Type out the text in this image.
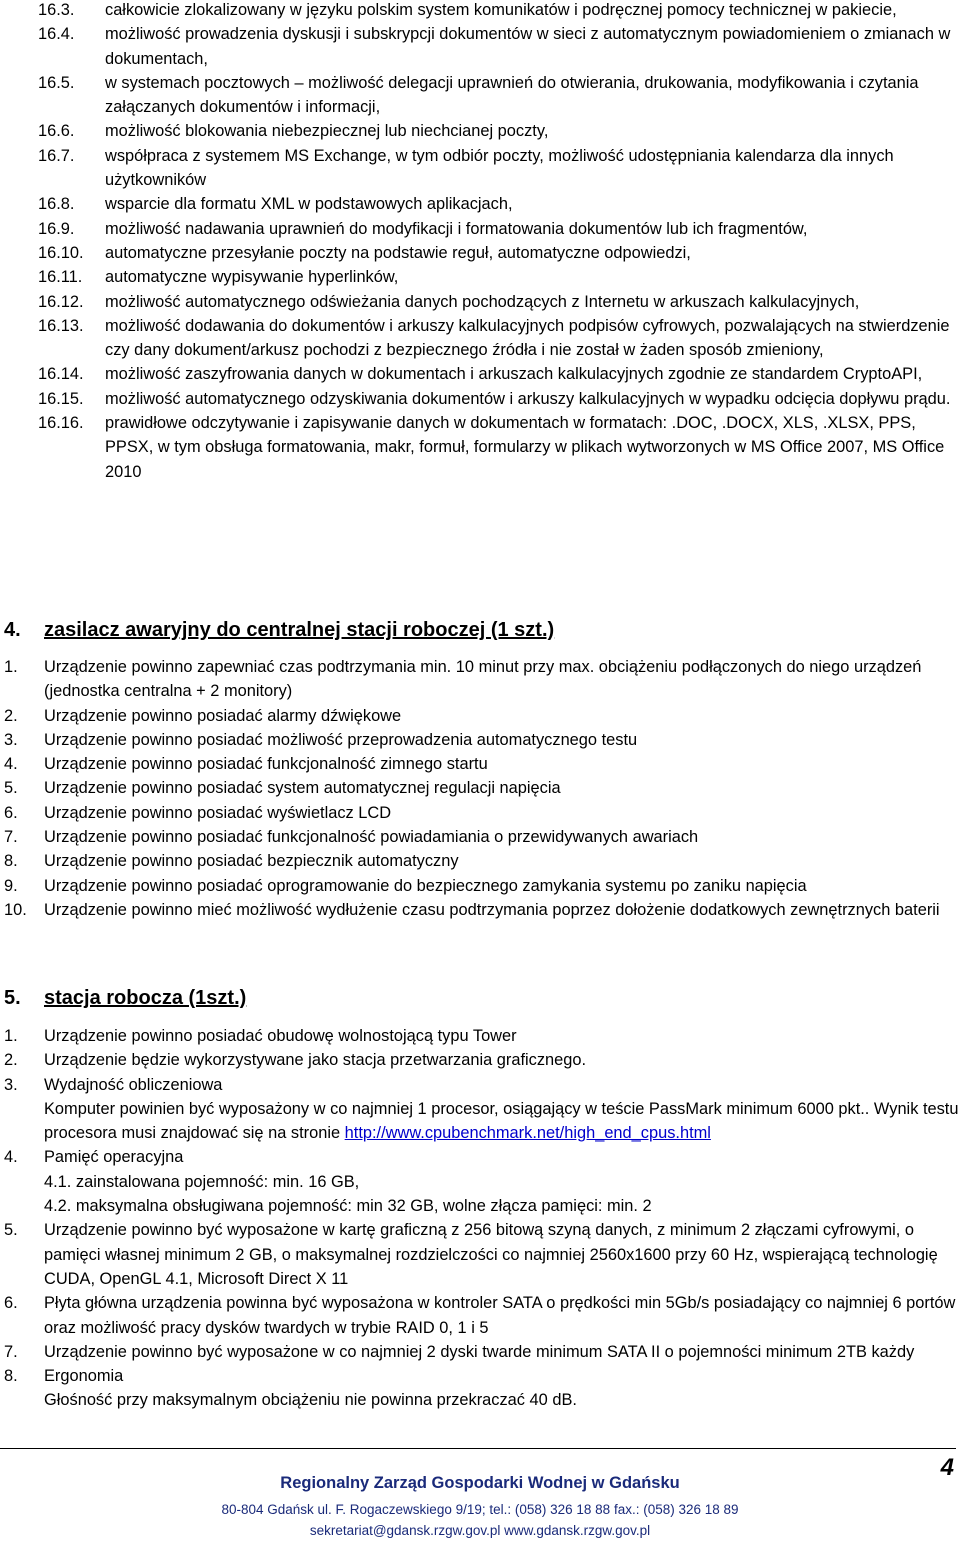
16.3.	całkowicie zlokalizowany w języku polskim system komunikatów i podręcznej pomocy technicznej w pakiecie,
16.4.	możliwość prowadzenia dyskusji i subskrypcji dokumentów w sieci z automatycznym powiadomieniem o zmianach w dokumentach,
16.5.	w systemach pocztowych – możliwość delegacji uprawnień do otwierania, drukowania, modyfikowania i czytania załączanych dokumentów i informacji,
16.6.	możliwość blokowania niebezpiecznej lub niechcianej poczty,
16.7.	współpraca z systemem MS Exchange, w tym odbiór poczty, możliwość udostępniania kalendarza dla innych użytkowników
16.8.	wsparcie dla formatu XML w podstawowych aplikacjach,
16.9.	możliwość nadawania uprawnień do modyfikacji i formatowania dokumentów lub ich fragmentów,
16.10.	automatyczne przesyłanie poczty na podstawie reguł, automatyczne odpowiedzi,
16.11.	automatyczne wypisywanie hyperlinków,
16.12.	możliwość automatycznego odświeżania danych pochodzących z Internetu w arkuszach kalkulacyjnych,
16.13.	możliwość dodawania do dokumentów i arkuszy kalkulacyjnych podpisów cyfrowych, pozwalających na stwierdzenie czy dany dokument/arkusz pochodzi z bezpiecznego źródła i nie został w żaden sposób zmieniony,
16.14.	możliwość zaszyfrowania danych w dokumentach i arkuszach kalkulacyjnych zgodnie ze standardem CryptoAPI,
16.15.	możliwość automatycznego odzyskiwania dokumentów i arkuszy kalkulacyjnych w wypadku odcięcia dopływu prądu.
16.16.	prawidłowe odczytywanie i zapisywanie danych w dokumentach w formatach: .DOC, .DOCX, XLS, .XLSX, PPS, PPSX, w tym obsługa formatowania, makr, formuł, formularzy w plikach wytworzonych w MS Office 2007, MS Office 2010
4.	zasilacz awaryjny do centralnej stacji roboczej (1 szt.)
1.	Urządzenie powinno zapewniać czas podtrzymania min. 10 minut przy max. obciążeniu podłączonych do niego urządzeń (jednostka centralna + 2 monitory)
2.	Urządzenie powinno posiadać alarmy dźwiękowe
3.	Urządzenie powinno posiadać możliwość przeprowadzenia automatycznego testu
4.	Urządzenie powinno posiadać funkcjonalność zimnego startu
5.	Urządzenie powinno posiadać system automatycznej regulacji napięcia
6.	Urządzenie powinno posiadać wyświetlacz LCD
7.	Urządzenie powinno posiadać funkcjonalność powiadamiania o przewidywanych awariach
8.	Urządzenie powinno posiadać bezpiecznik automatyczny
9.	Urządzenie powinno posiadać oprogramowanie do bezpiecznego zamykania systemu po zaniku napięcia
10.	Urządzenie powinno mieć możliwość wydłużenie czasu podtrzymania poprzez dołożenie dodatkowych zewnętrznych baterii
5.	stacja robocza (1szt.)
1.	Urządzenie powinno posiadać obudowę wolnostojącą typu Tower
2.	Urządzenie będzie wykorzystywane jako stacja przetwarzania graficznego.
3.	Wydajność obliczeniowa
Komputer powinien być wyposażony w co najmniej 1 procesor, osiągający w teście PassMark minimum 6000 pkt.. Wynik testu procesora musi znajdować się na stronie http://www.cpubenchmark.net/high_end_cpus.html
4.	Pamięć operacyjna
4.1. zainstalowana pojemność: min. 16 GB,
4.2. maksymalna obsługiwana pojemność: min 32 GB, wolne złącza pamięci: min. 2
5.	Urządzenie powinno być wyposażone w kartę graficzną z 256 bitową szyną danych, z minimum 2 złączami cyfrowymi, o pamięci własnej minimum 2 GB, o maksymalnej rozdzielczości co najmniej 2560x1600 przy 60 Hz, wspierającą technologię CUDA, OpenGL 4.1, Microsoft Direct X 11
6.	Płyta główna urządzenia powinna być wyposażona w kontroler SATA o prędkości min 5Gb/s posiadający co najmniej 6 portów oraz możliwość pracy dysków twardych w trybie RAID 0, 1 i 5
7.	Urządzenie powinno być wyposażone w co najmniej 2 dyski twarde minimum SATA II o pojemności minimum 2TB każdy
8.	Ergonomia
Głośność przy maksymalnym obciążeniu nie powinna przekraczać 40 dB.
4
Regionalny Zarząd Gospodarki Wodnej w Gdańsku
80-804 Gdańsk ul. F. Rogaczewskiego 9/19; tel.: (058) 326 18 88 fax.: (058) 326 18 89
sekretariat@gdansk.rzgw.gov.pl www.gdansk.rzgw.gov.pl
